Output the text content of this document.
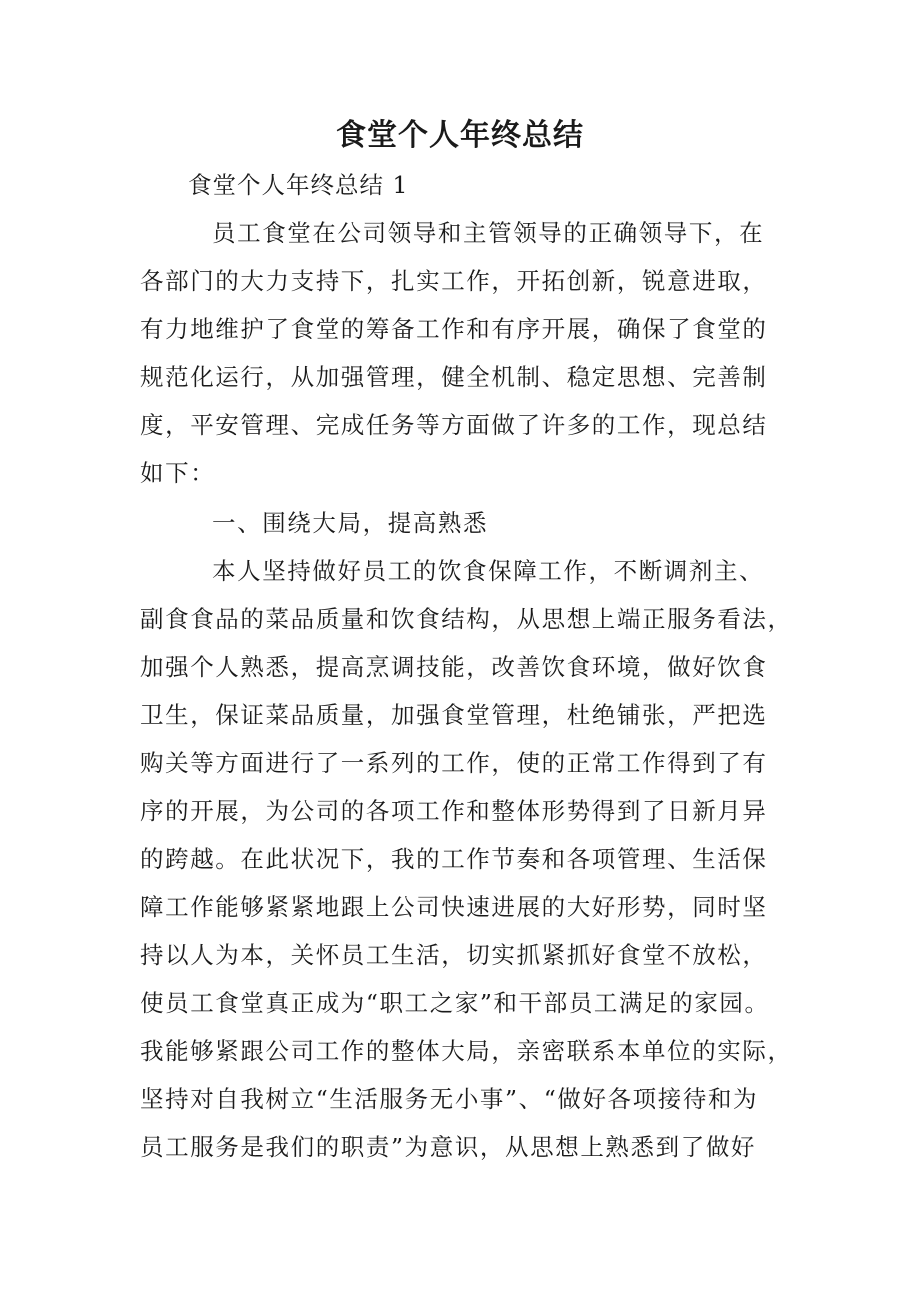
食堂个人年终总结
食堂个人年终总结 1
员工食堂在公司领导和主管领导的正确领导下，在
各部门的大力支持下，扎实工作，开拓创新，锐意进取，
有力地维护了食堂的筹备工作和有序开展，确保了食堂的
规范化运行，从加强管理，健全机制、稳定思想、完善制
度，平安管理、完成任务等方面做了许多的工作，现总结
如下：
一、围绕大局，提高熟悉
本人坚持做好员工的饮食保障工作，不断调剂主、
副食食品的菜品质量和饮食结构，从思想上端正服务看法，
加强个人熟悉，提高烹调技能，改善饮食环境，做好饮食
卫生，保证菜品质量，加强食堂管理，杜绝铺张，严把选
购关等方面进行了一系列的工作，使的正常工作得到了有
序的开展，为公司的各项工作和整体形势得到了日新月异
的跨越。在此状况下，我的工作节奏和各项管理、生活保
障工作能够紧紧地跟上公司快速进展的大好形势，同时坚
持以人为本，关怀员工生活，切实抓紧抓好食堂不放松，
使员工食堂真正成为“职工之家”和干部员工满足的家园。
我能够紧跟公司工作的整体大局，亲密联系本单位的实际，
坚持对自我树立“生活服务无小事”、“做好各项接待和为
员工服务是我们的职责”为意识，从思想上熟悉到了做好
